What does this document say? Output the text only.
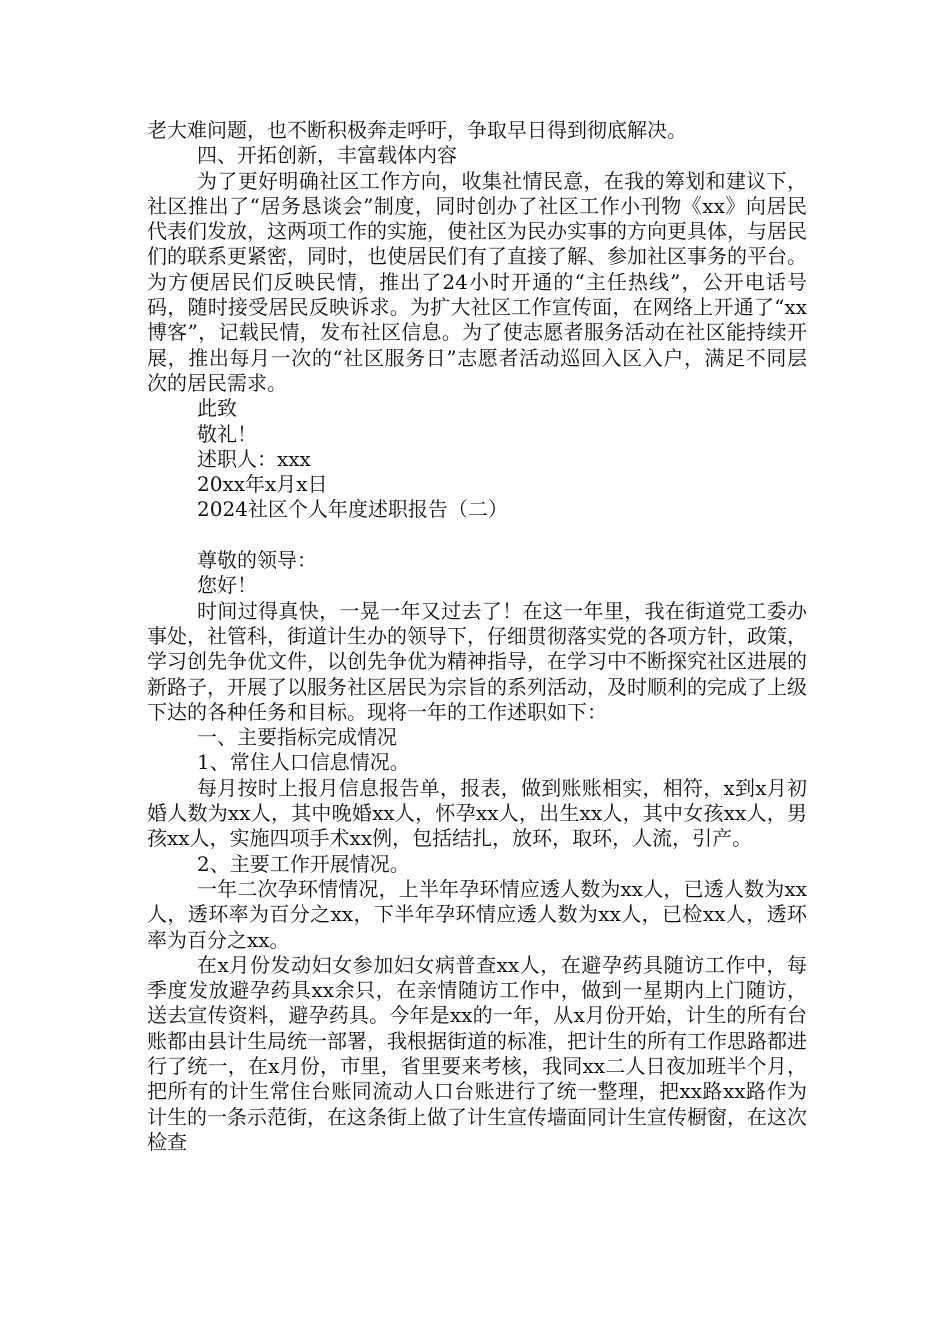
老大难问题，也不断积极奔走呼吁，争取早日得到彻底解决。

四、开拓创新，丰富载体内容

为了更好明确社区工作方向，收集社情民意，在我的筹划和建议下，社区推出了“居务恳谈会”制度，同时创办了社区工作小刊物《xx》向居民代表们发放，这两项工作的实施，使社区为民办实事的方向更具体，与居民们的联系更紧密，同时，也使居民们有了直接了解、参加社区事务的平台。为方便居民们反映民情，推出了24小时开通的“主任热线”，公开电话号码，随时接受居民反映诉求。为扩大社区工作宣传面，在网络上开通了“xx博客”，记载民情，发布社区信息。为了使志愿者服务活动在社区能持续开展，推出每月一次的“社区服务日”志愿者活动巡回入区入户，满足不同层次的居民需求。

此致

敬礼！

述职人：xxx

20xx年x月x日

2024社区个人年度述职报告（二）

尊敬的领导：

您好！

时间过得真快，一晃一年又过去了！在这一年里，我在街道党工委办事处，社管科，街道计生办的领导下，仔细贯彻落实党的各项方针，政策，学习创先争优文件，以创先争优为精神指导，在学习中不断探究社区进展的新路子，开展了以服务社区居民为宗旨的系列活动，及时顺利的完成了上级下达的各种任务和目标。现将一年的工作述职如下：

一、主要指标完成情况

1、常住人口信息情况。

每月按时上报月信息报告单，报表，做到账账相实，相符，x到x月初婚人数为xx人，其中晚婚xx人，怀孕xx人，出生xx人，其中女孩xx人，男孩xx人，实施四项手术xx例，包括结扎，放环，取环，人流，引产。

2、主要工作开展情况。

一年二次孕环情情况，上半年孕环情应透人数为xx人，已透人数为xx人，透环率为百分之xx，下半年孕环情应透人数为xx人，已检xx人，透环率为百分之xx。

在x月份发动妇女参加妇女病普查xx人，在避孕药具随访工作中，每季度发放避孕药具xx余只，在亲情随访工作中，做到一星期内上门随访，送去宣传资料，避孕药具。今年是xx的一年，从x月份开始，计生的所有台账都由县计生局统一部署，我根据街道的标准，把计生的所有工作思路都进行了统一，在x月份，市里，省里要来考核，我同xx二人日夜加班半个月，把所有的计生常住台账同流动人口台账进行了统一整理，把xx路xx路作为计生的一条示范街，在这条街上做了计生宣传墙面同计生宣传橱窗，在这次检查
